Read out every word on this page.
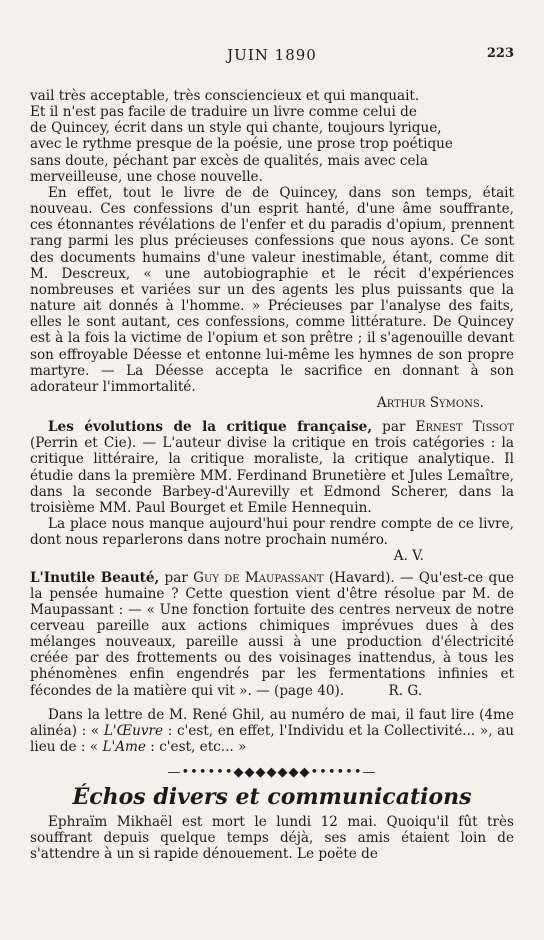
JUIN 1890	223

vail très acceptable, très consciencieux et qui manquait.

Et il n'est pas facile de traduire un livre comme celui de

de Quincey, écrit dans un style qui chante, toujours lyrique,

avec le rythme presque de la poésie, une prose trop poétique

sans doute, péchant par excès de qualités, mais avec cela

merveilleuse, une chose nouvelle.

En effet, tout le livre de de Quincey, dans son temps, était nouveau. Ces confessions d'un esprit hanté, d'une âme souffrante, ces étonnantes révélations de l'enfer et du paradis d'opium, prennent rang parmi les plus précieuses confessions que nous ayons. Ce sont des documents humains d'une valeur inestimable, étant, comme dit M. Descreux, « une autobiographie et le récit d'expériences nombreuses et variées sur un des agents les plus puissants que la nature ait donnés à l'homme. » Précieuses par l'analyse des faits, elles le sont autant, ces confessions, comme littérature. De Quincey est à la fois la victime de l'opium et son prêtre ; il s'agenouille devant son effroyable Déesse et entonne lui-même les hymnes de son propre martyre. — La Déesse accepta le sacrifice en donnant à son adorateur l'immortalité.

Arthur Symons.

Les évolutions de la critique française, par Ernest Tissot (Perrin et Cie). — L'auteur divise la critique en trois catégories : la critique littéraire, la critique moraliste, la critique analytique. Il étudie dans la première MM. Ferdinand Brunetière et Jules Lemaître, dans la seconde Barbey-d'Aurevilly et Edmond Scherer, dans la troisième MM. Paul Bourget et Emile Hennequin.

La place nous manque aujourd'hui pour rendre compte de ce livre, dont nous reparlerons dans notre prochain numéro.

A. V.

L'Inutile Beauté, par Guy de Maupassant (Havard). — Qu'est-ce que la pensée humaine ? Cette question vient d'être résolue par M. de Maupassant : — « Une fonction fortuite des centres nerveux de notre cerveau pareille aux actions chimiques imprévues dues à des mélanges nouveaux, pareille aussi à une production d'électricité créée par des frottements ou des voisinages inattendus, à tous les phénomènes enfin engendrés par les fermentations infinies et fécondes de la matière qui vit ». — (page 40).	R. G.

Dans la lettre de M. René Ghil, au numéro de mai, il faut lire (4me alinéa) : « L'Œuvre : c'est, en effet, l'Individu et la Collectivité... », au lieu de : « L'Ame : c'est, etc... »

—••••••◆◆◆◆◆◆◆••••••—
Échos divers et communications

Ephraïm Mikhaël est mort le lundi 12 mai. Quoiqu'il fût très souffrant depuis quelque temps déjà, ses amis étaient loin de s'attendre à un si rapide dénouement. Le poëte de
